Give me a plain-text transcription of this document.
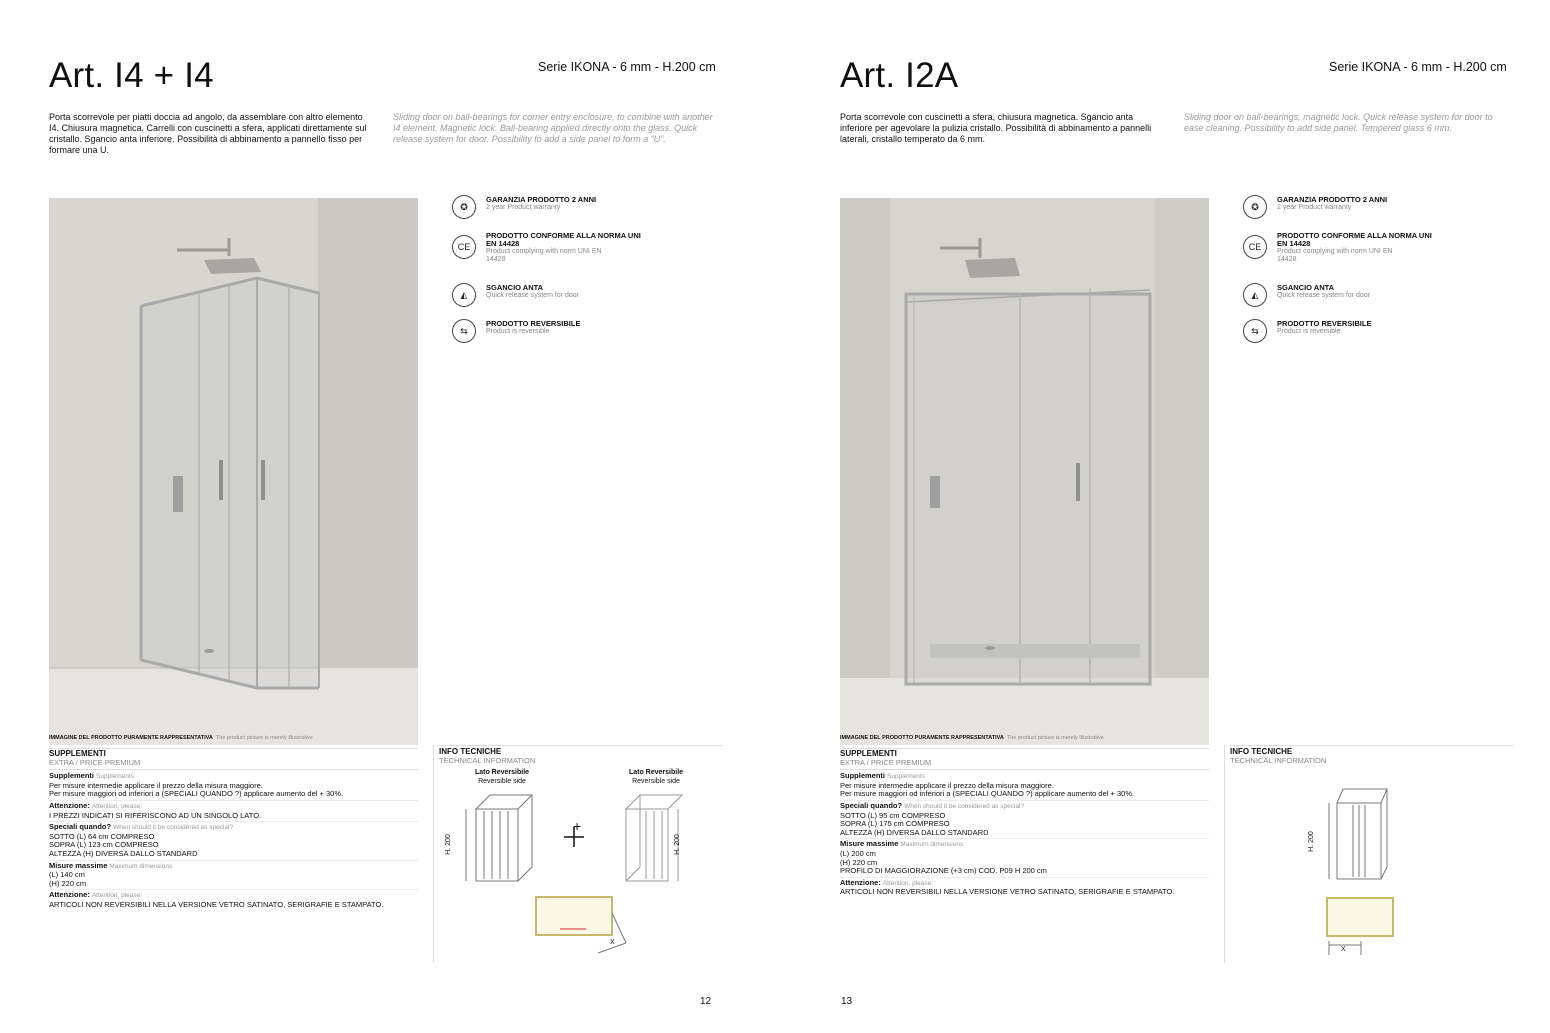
Art. I4 + I4	Serie IKONA - 6 mm - H.200 cm
Porta scorrevole per piatti doccia ad angolo, da assemblare con altro elemento I4. Chiusura magnetica. Carrelli con cuscinetti a sfera, applicati direttamente sul cristallo. Sgancio anta inferiore. Possibilità di abbinamento a pannello fisso per formare una U.
Sliding door on ball-bearings for corner entry enclosure, to combine with another I4 element. Magnetic lock. Ball-bearing applied directly onto the glass. Quick release system for door. Possibility to add a side panel to form a “U”.
IMMAGINE DEL PRODOTTO PURAMENTE RAPPRESENTATIVA The product picture is merely illustrative
✪
GARANZIA PRODOTTO 2 ANNI
2 year Product warranty
CE
PRODOTTO CONFORME ALLA NORMA UNI EN 14428
Product complying with norm UNI EN 14428
◭
SGANCIO ANTA
Quick release system for door
⇆
PRODOTTO REVERSIBILE
Product is reversible
SUPPLEMENTI
EXTRA / PRICE PREMIUM
Supplementi Supplements
Per misure intermedie applicare il prezzo della misura maggiore.
Per misure maggiori od inferiori a (SPECIALI QUANDO ?) applicare aumento del + 30%.
Attenzione: Attention, please:
I PREZZI INDICATI SI RIFERISCONO AD UN SINGOLO LATO.
Speciali quando? When should it be considered as special?
SOTTO (L) 64 cm COMPRESO
SOPRA (L) 123 cm COMPRESO
ALTEZZA (H) DIVERSA DALLO STANDARD
Misure massime Maximum dimensions
(L) 140 cm
(H) 220 cm
Attenzione: Attention, please:
ARTICOLI NON REVERSIBILI NELLA VERSIONE VETRO SATINATO, SERIGRAFIE E STAMPATO.
INFO TECNICHE
TECHNICAL INFORMATION
Lato Reversibile
Reversible side
Lato Reversibile
Reversible side
+
H. 200	H. 200
X
12
Art. I2A	Serie IKONA - 6 mm - H.200 cm
Porta scorrevole con cuscinetti a sfera, chiusura magnetica. Sgancio anta inferiore per agevolare la pulizia cristallo. Possibilità di abbinamento a pannelli laterali, cristallo temperato da 6 mm.
Sliding door on ball-bearings, magnetic lock. Quick release system for door to ease cleaning. Possibility to add side panel. Tempered glass 6 mm.
IMMAGINE DEL PRODOTTO PURAMENTE RAPPRESENTATIVA The product picture is merely illustrative
✪
GARANZIA PRODOTTO 2 ANNI
2 year Product warranty
CE
PRODOTTO CONFORME ALLA NORMA UNI EN 14428
Product complying with norm UNI EN 14428
◭
SGANCIO ANTA
Quick release system for door
⇆
PRODOTTO REVERSIBILE
Product is reversible
SUPPLEMENTI
EXTRA / PRICE PREMIUM
Supplementi Supplements
Per misure intermedie applicare il prezzo della misura maggiore.
Per misure maggiori od inferiori a (SPECIALI QUANDO ?) applicare aumento del + 30%.
Speciali quando? When should it be considered as special?
SOTTO (L) 95 cm COMPRESO
SOPRA (L) 175 cm COMPRESO
ALTEZZA (H) DIVERSA DALLO STANDARD
Misure massime Maximum dimensions
(L) 200 cm
(H) 220 cm
PROFILO DI MAGGIORAZIONE (+3 cm) COD. P09 H 200 cm
Attenzione: Attention, please:
ARTICOLI NON REVERSIBILI NELLA VERSIONE VETRO SATINATO, SERIGRAFIE E STAMPATO.
INFO TECNICHE
TECHNICAL INFORMATION
H. 200
X
13
